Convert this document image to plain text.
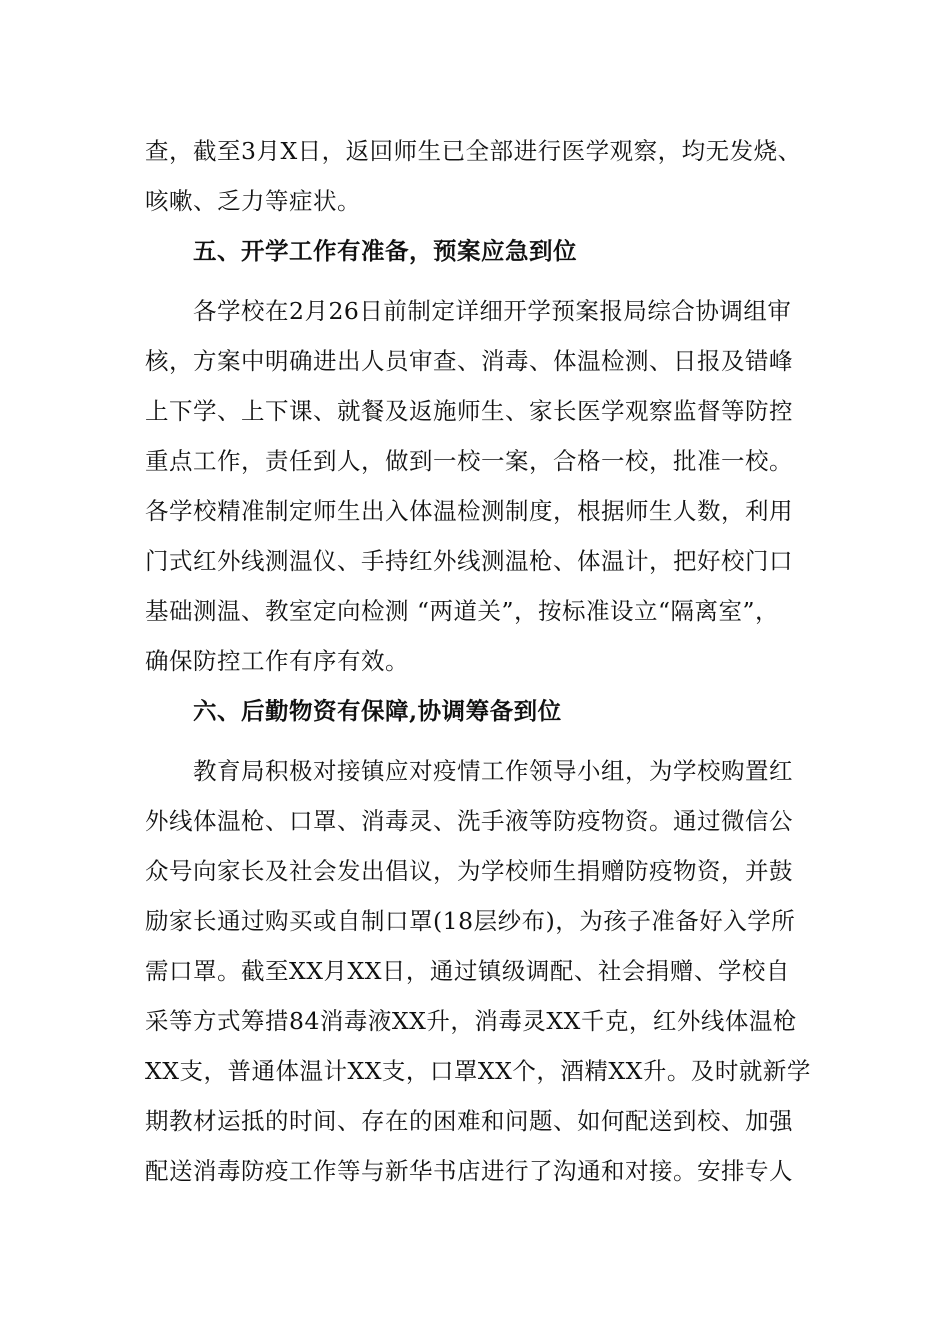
查，截至3月X日，返回师生已全部进行医学观察，均无发烧、
咳嗽、乏力等症状。
五、开学工作有准备，预案应急到位
各学校在2月26日前制定详细开学预案报局综合协调组审
核，方案中明确进出人员审查、消毒、体温检测、日报及错峰
上下学、上下课、就餐及返施师生、家长医学观察监督等防控
重点工作，责任到人，做到一校一案，合格一校，批准一校。
各学校精准制定师生出入体温检测制度，根据师生人数，利用
门式红外线测温仪、手持红外线测温枪、体温计，把好校门口
基础测温、教室定向检测 “两道关”，按标准设立“隔离室”，
确保防控工作有序有效。
六、后勤物资有保障,协调筹备到位
教育局积极对接镇应对疫情工作领导小组，为学校购置红
外线体温枪、口罩、消毒灵、洗手液等防疫物资。通过微信公
众号向家长及社会发出倡议，为学校师生捐赠防疫物资，并鼓
励家长通过购买或自制口罩(18层纱布)，为孩子准备好入学所
需口罩。截至XX月XX日，通过镇级调配、社会捐赠、学校自
采等方式筹措84消毒液XX升，消毒灵XX千克，红外线体温枪
XX支，普通体温计XX支，口罩XX个，酒精XX升。及时就新学
期教材运抵的时间、存在的困难和问题、如何配送到校、加强
配送消毒防疫工作等与新华书店进行了沟通和对接。安排专人
